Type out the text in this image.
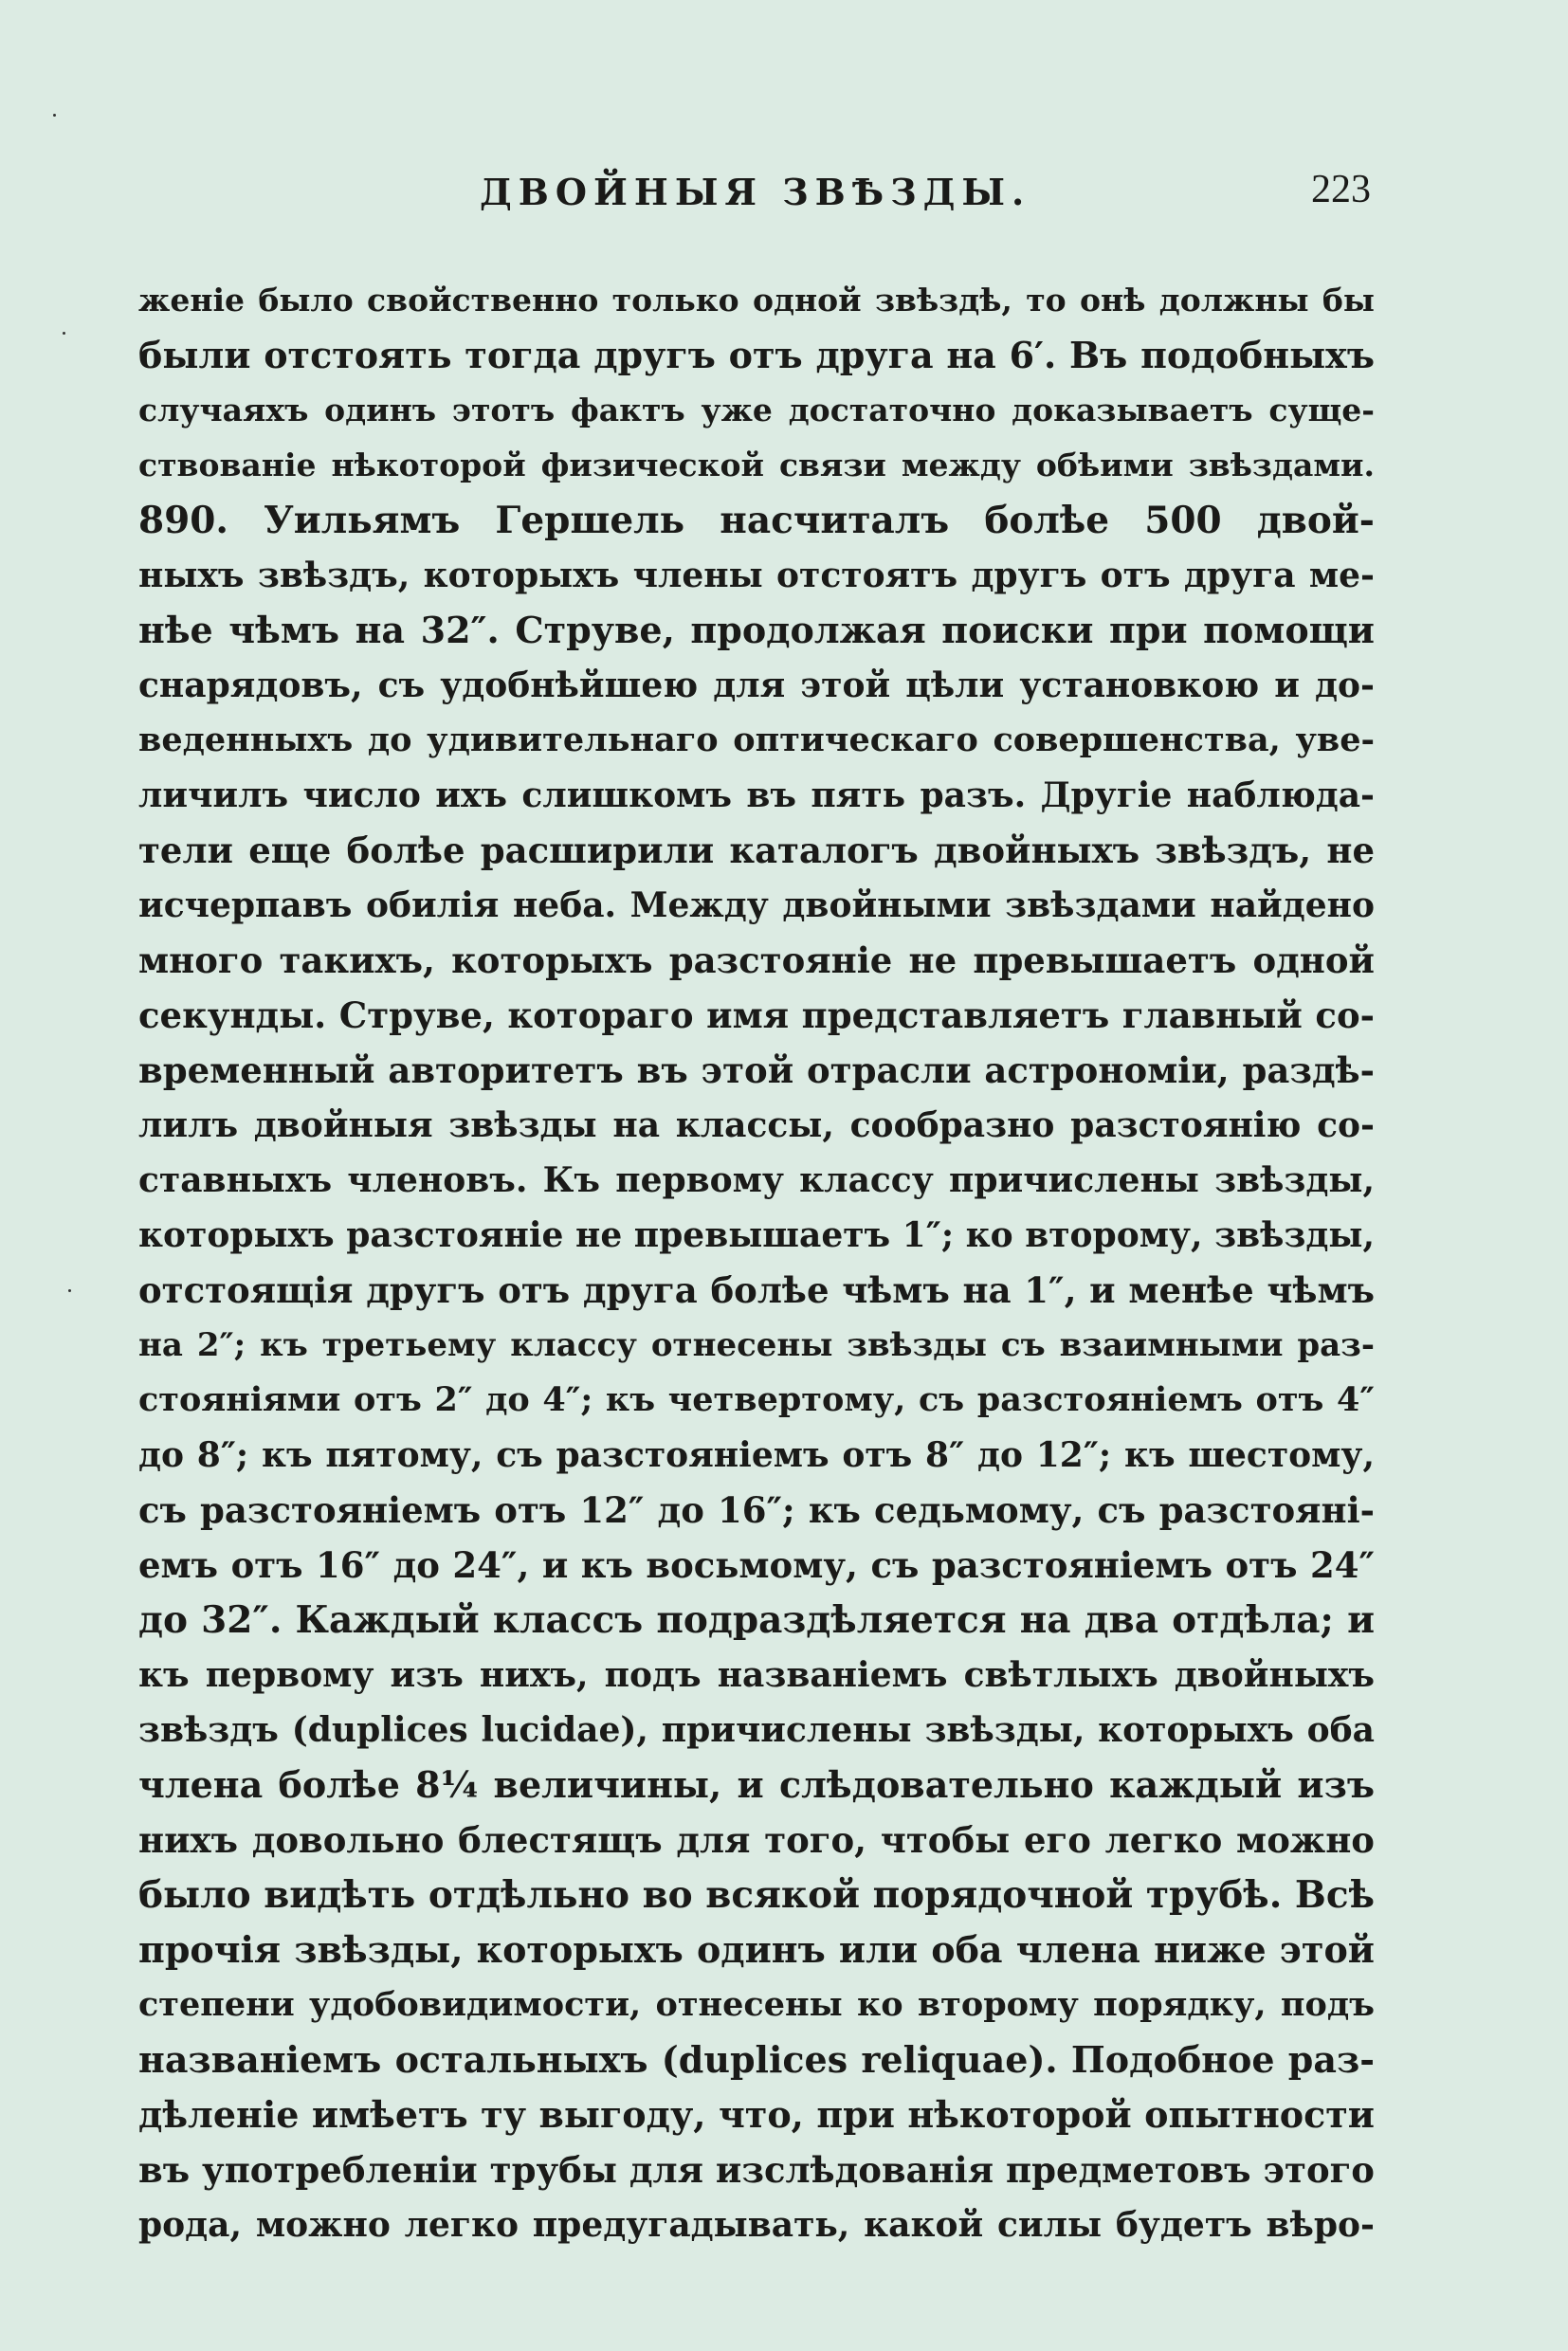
ДВОЙНЫЯ ЗВѢЗДЫ.	223
женіе было свойственно только одной звѣздѣ, то онѣ должны бы
были отстоять тогда другъ отъ друга на 6′. Въ подобныхъ
случаяхъ одинъ этотъ фактъ уже достаточно доказываетъ суще-
ствованіе нѣкоторой физической связи между обѣими звѣздами.
890. Уильямъ Гершель насчиталъ болѣе 500 двой-
ныхъ звѣздъ, которыхъ члены отстоятъ другъ отъ друга ме-
нѣе чѣмъ на 32″. Струве, продолжая поиски при помощи
снарядовъ, съ удобнѣйшею для этой цѣли установкою и до-
веденныхъ до удивительнаго оптическаго совершенства, уве-
личилъ число ихъ слишкомъ въ пять разъ. Другіе наблюда-
тели еще болѣе расширили каталогъ двойныхъ звѣздъ, не
исчерпавъ обилія неба. Между двойными звѣздами найдено
много такихъ, которыхъ разстояніе не превышаетъ одной
секунды. Струве, котораго имя представляетъ главный со-
временный авторитетъ въ этой отрасли астрономіи, раздѣ-
лилъ двойныя звѣзды на классы, сообразно разстоянію со-
ставныхъ членовъ. Къ первому классу причислены звѣзды,
которыхъ разстояніе не превышаетъ 1″; ко второму, звѣзды,
отстоящія другъ отъ друга болѣе чѣмъ на 1″, и менѣе чѣмъ
на 2″; къ третьему классу отнесены звѣзды съ взаимными раз-
стояніями отъ 2″ до 4″; къ четвертому, съ разстояніемъ отъ 4″
до 8″; къ пятому, съ разстояніемъ отъ 8″ до 12″; къ шестому,
съ разстояніемъ отъ 12″ до 16″; къ седьмому, съ разстояні-
емъ отъ 16″ до 24″, и къ восьмому, съ разстояніемъ отъ 24″
до 32″. Каждый классъ подраздѣляется на два отдѣла; и
къ первому изъ нихъ, подъ названіемъ свѣтлыхъ двойныхъ
звѣздъ (duplices lucidae), причислены звѣзды, которыхъ оба
члена болѣе 8¼ величины, и слѣдовательно каждый изъ
нихъ довольно блестящъ для того, чтобы его легко можно
было видѣть отдѣльно во всякой порядочной трубѣ. Всѣ
прочія звѣзды, которыхъ одинъ или оба члена ниже этой
степени удобовидимости, отнесены ко второму порядку, подъ
названіемъ остальныхъ (duplices reliquae). Подобное раз-
дѣленіе имѣетъ ту выгоду, что, при нѣкоторой опытности
въ употребленіи трубы для изслѣдованія предметовъ этого
рода, можно легко предугадывать, какой силы будетъ вѣро-
